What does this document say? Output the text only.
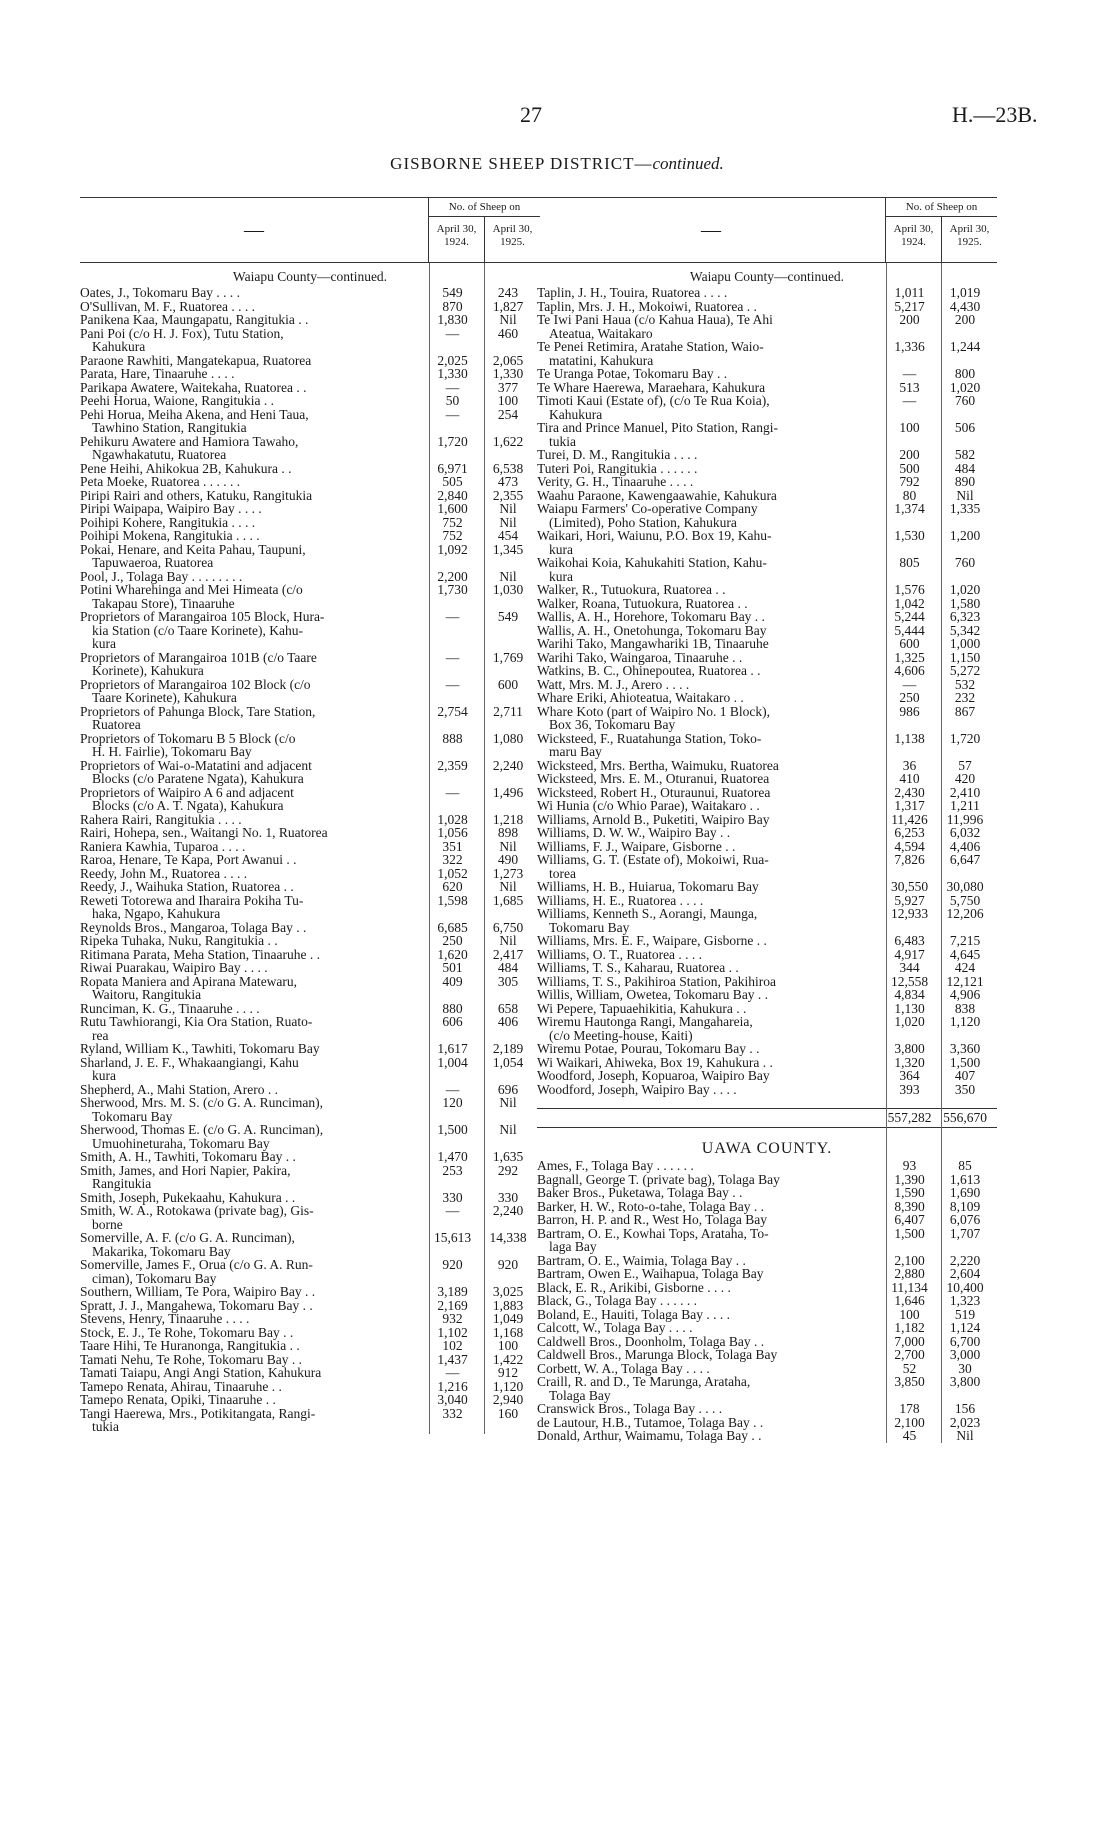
27	H.—23B.
GISBORNE SHEEP DISTRICT—continued.
—
No. of Sheep on
April 30,
1924.
April 30,
1925.
Waiapu County—continued.
Oates, J., Tokomaru Bay . . . .	549	243
O'Sullivan, M. F., Ruatorea . . . .	870	1,827
Panikena Kaa, Maungapatu, Rangitukia . .	1,830	Nil
Pani Poi (c/o H. J. Fox), Tutu Station,
Kahukura
—	460
Paraone Rawhiti, Mangatekapua, Ruatorea	2,025	2,065
Parata, Hare, Tinaaruhe . . . .	1,330	1,330
Parikapa Awatere, Waitekaha, Ruatorea . .	—	377
Peehi Horua, Waione, Rangitukia . .	50	100
Pehi Horua, Meiha Akena, and Heni Taua,
Tawhino Station, Rangitukia
—	254
Pehikuru Awatere and Hamiora Tawaho,
Ngawhakatutu, Ruatorea
1,720	1,622
Pene Heihi, Ahikokua 2B, Kahukura . .	6,971	6,538
Peta Moeke, Ruatorea . . . . . .	505	473
Piripi Rairi and others, Katuku, Rangitukia	2,840	2,355
Piripi Waipapa, Waipiro Bay . . . .	1,600	Nil
Poihipi Kohere, Rangitukia . . . .	752	Nil
Poihipi Mokena, Rangitukia . . . .	752	454
Pokai, Henare, and Keita Pahau, Taupuni,
Tapuwaeroa, Ruatorea
1,092	1,345
Pool, J., Tolaga Bay . . . . . . . .	2,200	Nil
Potini Wharehinga and Mei Himeata (c/o
Takapau Store), Tinaaruhe
1,730	1,030
Proprietors of Marangairoa 105 Block, Hura-
kia Station (c/o Taare Korinete), Kahu-
kura
—	549
Proprietors of Marangairoa 101B (c/o Taare
Korinete), Kahukura
—	1,769
Proprietors of Marangairoa 102 Block (c/o
Taare Korinete), Kahukura
—	600
Proprietors of Pahunga Block, Tare Station,
Ruatorea
2,754	2,711
Proprietors of Tokomaru B 5 Block (c/o
H. H. Fairlie), Tokomaru Bay
888	1,080
Proprietors of Wai-o-Matatini and adjacent
Blocks (c/o Paratene Ngata), Kahukura
2,359	2,240
Proprietors of Waipiro A 6 and adjacent
Blocks (c/o A. T. Ngata), Kahukura
—	1,496
Rahera Rairi, Rangitukia . . . .	1,028	1,218
Rairi, Hohepa, sen., Waitangi No. 1, Ruatorea	1,056	898
Raniera Kawhia, Tuparoa . . . .	351	Nil
Raroa, Henare, Te Kapa, Port Awanui . .	322	490
Reedy, John M., Ruatorea . . . .	1,052	1,273
Reedy, J., Waihuka Station, Ruatorea . .	620	Nil
Reweti Totorewa and Iharaira Pokiha Tu-
haka, Ngapo, Kahukura
1,598	1,685
Reynolds Bros., Mangaroa, Tolaga Bay . .	6,685	6,750
Ripeka Tuhaka, Nuku, Rangitukia . .	250	Nil
Ritimana Parata, Meha Station, Tinaaruhe . .	1,620	2,417
Riwai Puarakau, Waipiro Bay . . . .	501	484
Ropata Maniera and Apirana Matewaru,
Waitoru, Rangitukia
409	305
Runciman, K. G., Tinaaruhe . . . .	880	658
Rutu Tawhiorangi, Kia Ora Station, Ruato-
rea
606	406
Ryland, William K., Tawhiti, Tokomaru Bay	1,617	2,189
Sharland, J. E. F., Whakaangiangi, Kahu
kura
1,004	1,054
Shepherd, A., Mahi Station, Arero . .	—	696
Sherwood, Mrs. M. S. (c/o G. A. Runciman),
Tokomaru Bay
120	Nil
Sherwood, Thomas E. (c/o G. A. Runciman),
Umuohineturaha, Tokomaru Bay
1,500	Nil
Smith, A. H., Tawhiti, Tokomaru Bay . .	1,470	1,635
Smith, James, and Hori Napier, Pakira,
Rangitukia
253	292
Smith, Joseph, Pukekaahu, Kahukura . .	330	330
Smith, W. A., Rotokawa (private bag), Gis-
borne
—	2,240
Somerville, A. F. (c/o G. A. Runciman),
Makarika, Tokomaru Bay
15,613	14,338
Somerville, James F., Orua (c/o G. A. Run-
ciman), Tokomaru Bay
920	920
Southern, William, Te Pora, Waipiro Bay . .	3,189	3,025
Spratt, J. J., Mangahewa, Tokomaru Bay . .	2,169	1,883
Stevens, Henry, Tinaaruhe . . . .	932	1,049
Stock, E. J., Te Rohe, Tokomaru Bay . .	1,102	1,168
Taare Hihi, Te Huranonga, Rangitukia . .	102	100
Tamati Nehu, Te Rohe, Tokomaru Bay . .	1,437	1,422
Tamati Taiapu, Angi Angi Station, Kahukura	—	912
Tamepo Renata, Ahirau, Tinaaruhe . .	1,216	1,120
Tamepo Renata, Opiki, Tinaaruhe . .	3,040	2,940
Tangi Haerewa, Mrs., Potikitangata, Rangi-
tukia
332	160
—
No. of Sheep on
April 30,
1924.
April 30,
1925.
Waiapu County—continued.
Taplin, J. H., Touira, Ruatorea . . . .	1,011	1,019
Taplin, Mrs. J. H., Mokoiwi, Ruatorea . .	5,217	4,430
Te Iwi Pani Haua (c/o Kahua Haua), Te Ahi
Ateatua, Waitakaro
200	200
Te Penei Retimira, Aratahe Station, Waio-
matatini, Kahukura
1,336	1,244
Te Uranga Potae, Tokomaru Bay . .	—	800
Te Whare Haerewa, Maraehara, Kahukura	513	1,020
Timoti Kaui (Estate of), (c/o Te Rua Koia),
Kahukura
—	760
Tira and Prince Manuel, Pito Station, Rangi-
tukia
100	506
Turei, D. M., Rangitukia . . . .	200	582
Tuteri Poi, Rangitukia . . . . . .	500	484
Verity, G. H., Tinaaruhe . . . .	792	890
Waahu Paraone, Kawengaawahie, Kahukura	80	Nil
Waiapu Farmers' Co-operative Company
(Limited), Poho Station, Kahukura
1,374	1,335
Waikari, Hori, Waiunu, P.O. Box 19, Kahu-
kura
1,530	1,200
Waikohai Koia, Kahukahiti Station, Kahu-
kura
805	760
Walker, R., Tutuokura, Ruatorea . .	1,576	1,020
Walker, Roana, Tutuokura, Ruatorea . .	1,042	1,580
Wallis, A. H., Horehore, Tokomaru Bay . .	5,244	6,323
Wallis, A. H., Onetohunga, Tokomaru Bay	5,444	5,342
Warihi Tako, Mangawhariki 1B, Tinaaruhe	600	1,000
Warihi Tako, Waingaroa, Tinaaruhe . .	1,325	1,150
Watkins, B. C., Ohinepoutea, Ruatorea . .	4,606	5,272
Watt, Mrs. M. J., Arero . . . .	—	532
Whare Eriki, Ahioteatua, Waitakaro . .	250	232
Whare Koto (part of Waipiro No. 1 Block),
Box 36, Tokomaru Bay
986	867
Wicksteed, F., Ruatahunga Station, Toko-
maru Bay
1,138	1,720
Wicksteed, Mrs. Bertha, Waimuku, Ruatorea	36	57
Wicksteed, Mrs. E. M., Oturanui, Ruatorea	410	420
Wicksteed, Robert H., Oturaunui, Ruatorea	2,430	2,410
Wi Hunia (c/o Whio Parae), Waitakaro . .	1,317	1,211
Williams, Arnold B., Puketiti, Waipiro Bay	11,426	11,996
Williams, D. W. W., Waipiro Bay . .	6,253	6,032
Williams, F. J., Waipare, Gisborne . .	4,594	4,406
Williams, G. T. (Estate of), Mokoiwi, Rua-
torea
7,826	6,647
Williams, H. B., Huiarua, Tokomaru Bay	30,550	30,080
Williams, H. E., Ruatorea . . . .	5,927	5,750
Williams, Kenneth S., Aorangi, Maunga,
Tokomaru Bay
12,933	12,206
Williams, Mrs. E. F., Waipare, Gisborne . .	6,483	7,215
Williams, O. T., Ruatorea . . . .	4,917	4,645
Williams, T. S., Kaharau, Ruatorea . .	344	424
Williams, T. S., Pakihiroa Station, Pakihiroa	12,558	12,121
Willis, William, Owetea, Tokomaru Bay . .	4,834	4,906
Wi Pepere, Tapuaehikitia, Kahukura . .	1,130	838
Wiremu Hautonga Rangi, Mangahareia,
(c/o Meeting-house, Kaiti)
1,020	1,120
Wiremu Potae, Pourau, Tokomaru Bay . .	3,800	3,360
Wi Waikari, Ahiweka, Box 19, Kahukura . .	1,320	1,500
Woodford, Joseph, Kopuaroa, Waipiro Bay	364	407
Woodford, Joseph, Waipiro Bay . . . .	393	350
557,282 556,670
UAWA COUNTY.
Ames, F., Tolaga Bay . . . . . .	93	85
Bagnall, George T. (private bag), Tolaga Bay	1,390	1,613
Baker Bros., Puketawa, Tolaga Bay . .	1,590	1,690
Barker, H. W., Roto-o-tahe, Tolaga Bay . .	8,390	8,109
Barron, H. P. and R., West Ho, Tolaga Bay	6,407	6,076
Bartram, O. E., Kowhai Tops, Arataha, To-
laga Bay
1,500	1,707
Bartram, O. E., Waimia, Tolaga Bay . .	2,100	2,220
Bartram, Owen E., Waihapua, Tolaga Bay	2,880	2,604
Black, E. R., Arikibi, Gisborne . . . .	11,134	10,400
Black, G., Tolaga Bay . . . . . .	1,646	1,323
Boland, E., Hauiti, Tolaga Bay . . . .	100	519
Calcott, W., Tolaga Bay . . . .	1,182	1,124
Caldwell Bros., Doonholm, Tolaga Bay . .	7,000	6,700
Caldwell Bros., Marunga Block, Tolaga Bay	2,700	3,000
Corbett, W. A., Tolaga Bay . . . .	52	30
Craill, R. and D., Te Marunga, Arataha,
Tolaga Bay
3,850	3,800
Cranswick Bros., Tolaga Bay . . . .	178	156
de Lautour, H.B., Tutamoe, Tolaga Bay . .	2,100	2,023
Donald, Arthur, Waimamu, Tolaga Bay . .	45	Nil
